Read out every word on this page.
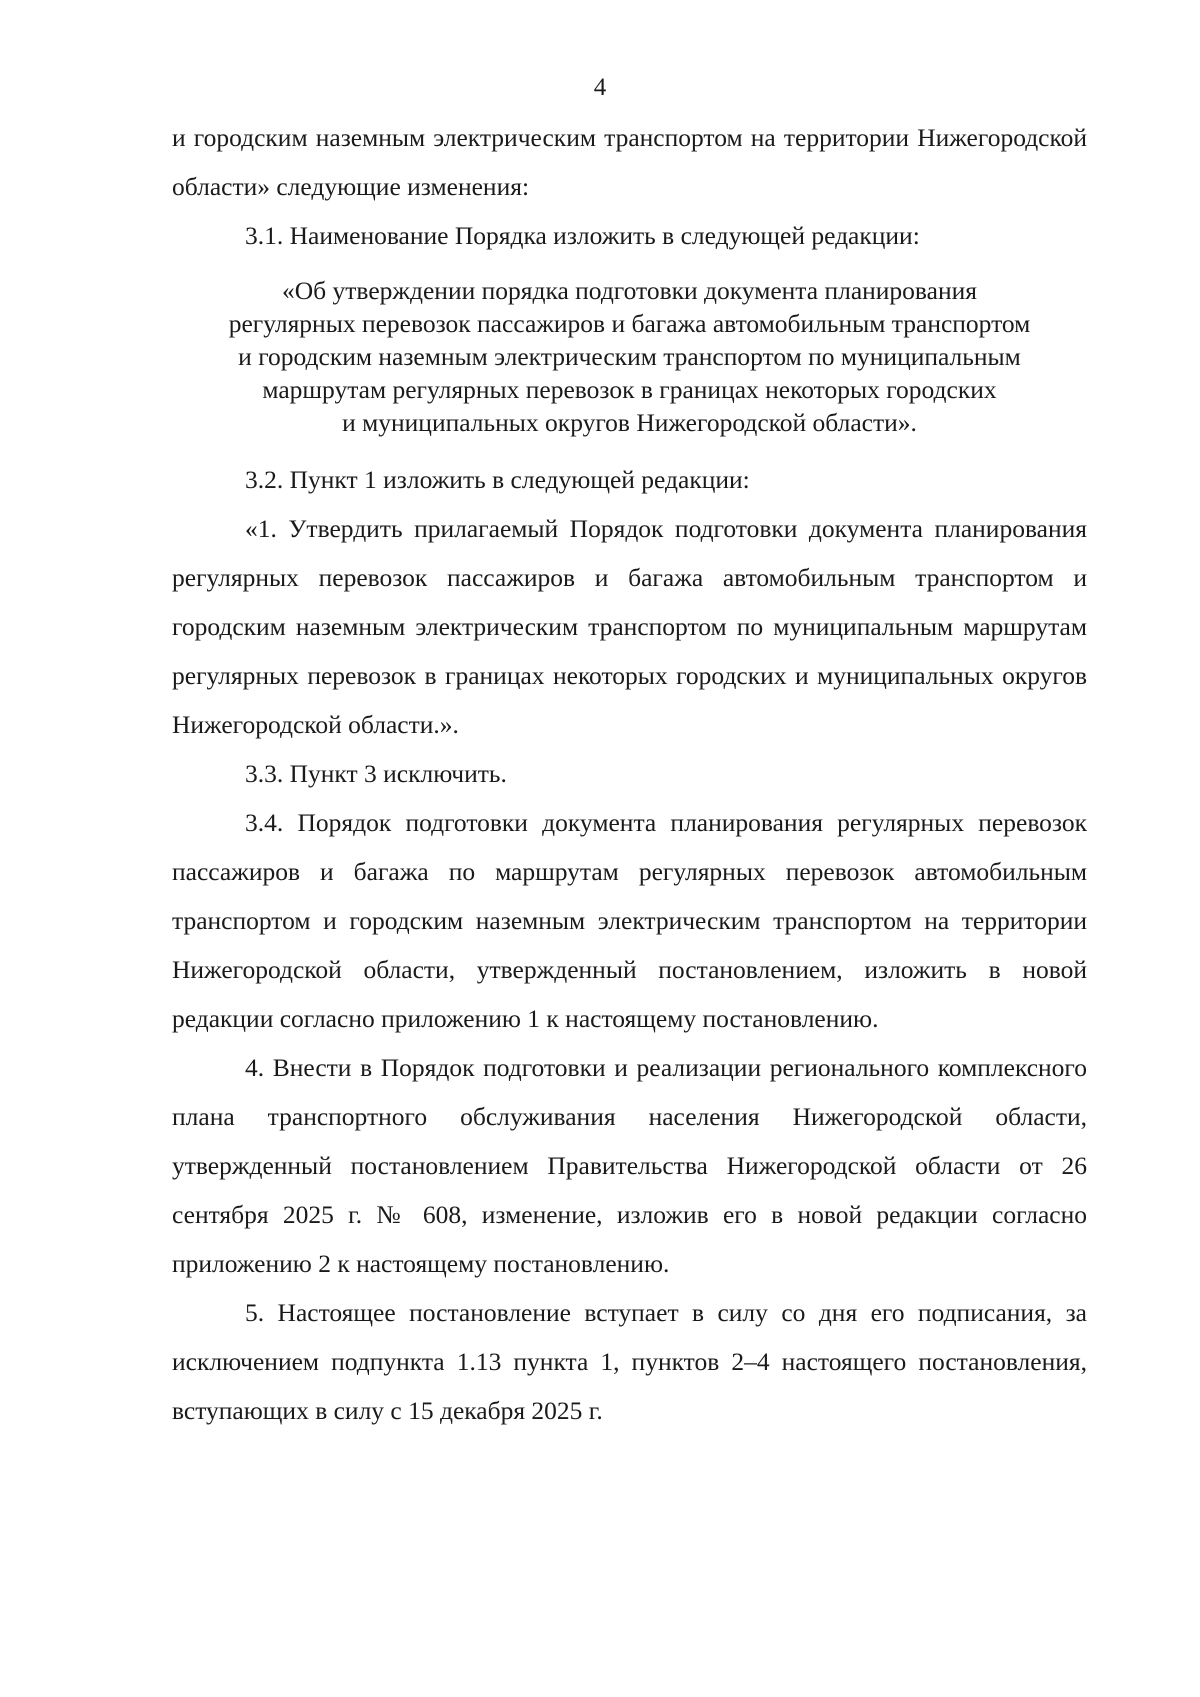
4

и городским наземным электрическим транспортом на территории Нижегородской области» следующие изменения:

3.1. Наименование Порядка изложить в следующей редакции:

«Об утверждении порядка подготовки документа планирования
регулярных перевозок пассажиров и багажа автомобильным транспортом
и городским наземным электрическим транспортом по муниципальным
маршрутам регулярных перевозок в границах некоторых городских
и муниципальных округов Нижегородской области».

3.2. Пункт 1 изложить в следующей редакции:

«1. Утвердить прилагаемый Порядок подготовки документа планирования регулярных перевозок пассажиров и багажа автомобильным транспортом и городским наземным электрическим транспортом по муниципальным маршрутам регулярных перевозок в границах некоторых городских и муниципальных округов Нижегородской области.».

3.3. Пункт 3 исключить.

3.4. Порядок подготовки документа планирования регулярных перевозок пассажиров и багажа по маршрутам регулярных перевозок автомобильным транспортом и городским наземным электрическим транспортом на территории Нижегородской области, утвержденный постановлением, изложить в новой редакции согласно приложению 1 к настоящему постановлению.

4. Внести в Порядок подготовки и реализации регионального комплексного плана транспортного обслуживания населения Нижегородской области, утвержденный постановлением Правительства Нижегородской области от 26 сентября 2025 г. № 608, изменение, изложив его в новой редакции согласно приложению 2 к настоящему постановлению.

5. Настоящее постановление вступает в силу со дня его подписания, за исключением подпункта 1.13 пункта 1, пунктов 2–4 настоящего постановления, вступающих в силу с 15 декабря 2025 г.
